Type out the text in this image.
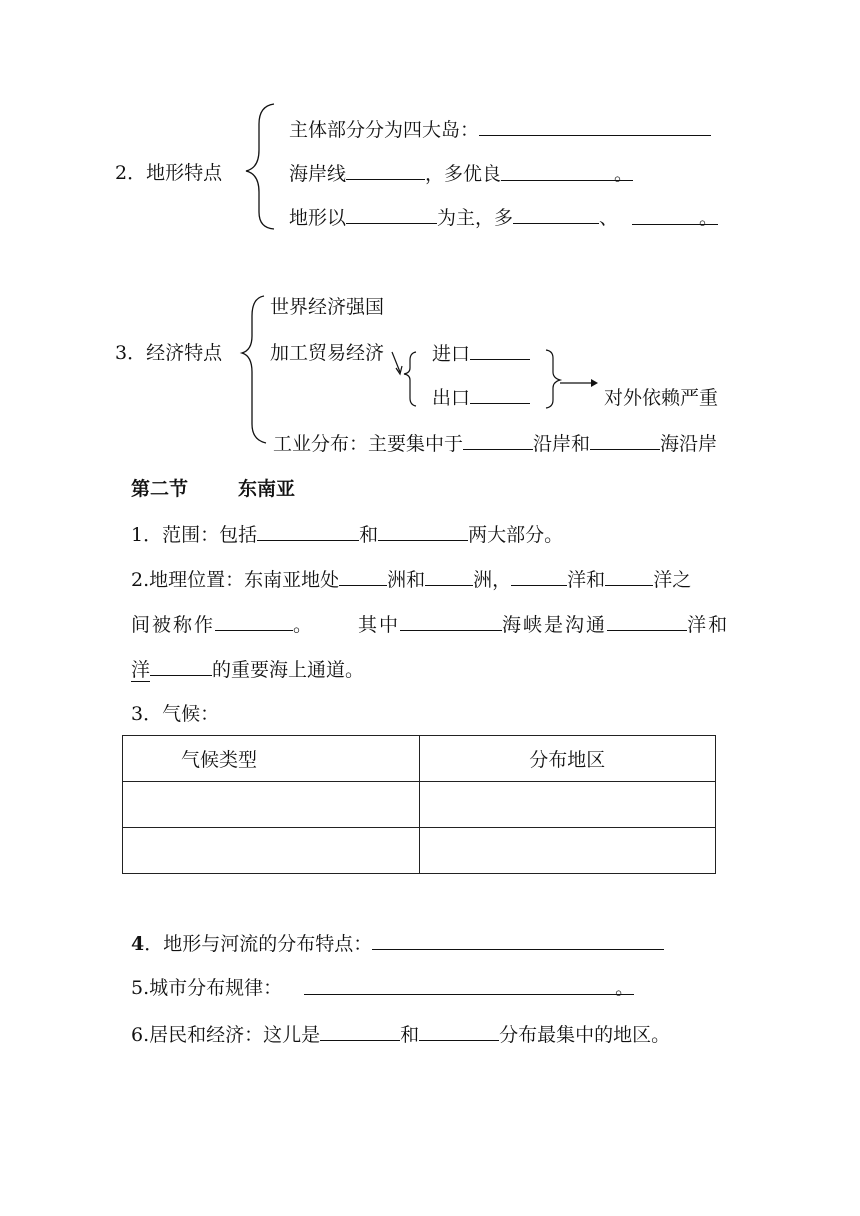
2．地形特点
主体部分分为四大岛：
海岸线	，多优良	。
地形以	为主，多	、	。
3．经济特点
世界经济强国
加工贸易经济	进口
出口	对外依赖严重
工业分布：主要集中于	沿岸和	海沿岸
第二节	东南亚
1．范围：包括	和	两大部分。
2.地理位置：东南亚地处	洲和	洲，	洋和	洋之
间被称作	。 其中	海峡是沟通	洋和
洋	的重要海上通道。
3．气候：
气候类型	分布地区

4．地形与河流的分布特点：
5.城市分布规律：	。
6.居民和经济：这儿是	和	分布最集中的地区。
